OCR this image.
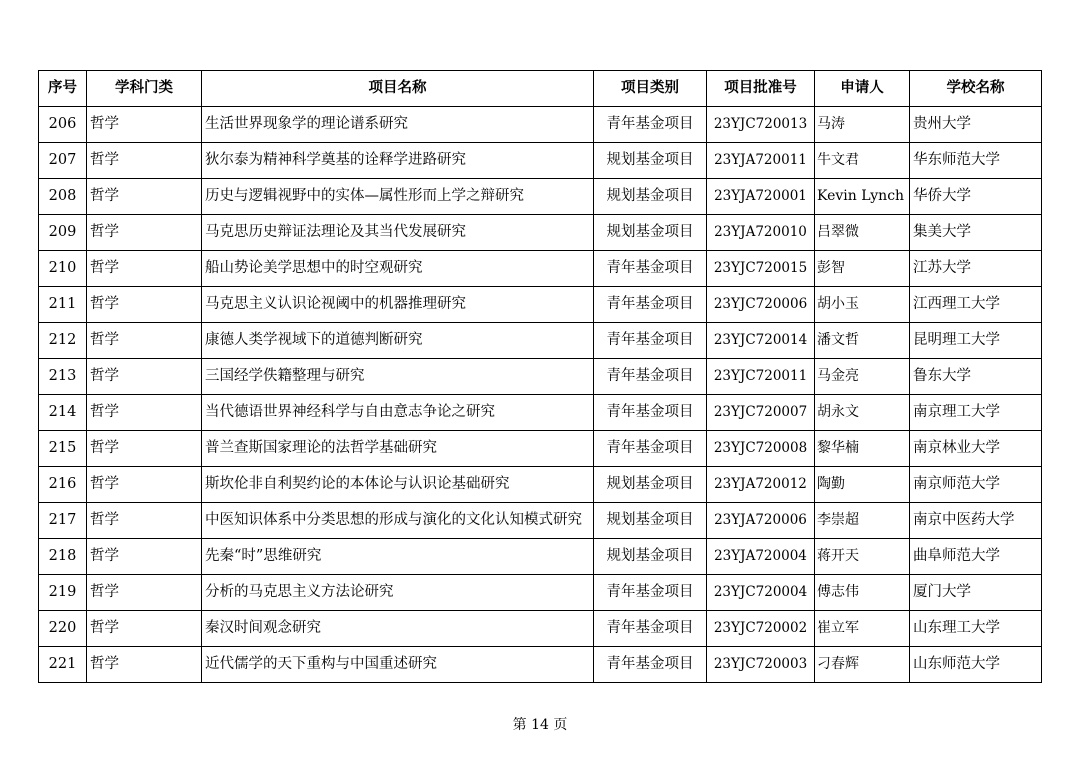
序号	学科门类	项目名称	项目类别	项目批准号	申请人	学校名称
206	哲学	生活世界现象学的理论谱系研究	青年基金项目	23YJC720013	马涛	贵州大学
207	哲学	狄尔泰为精神科学奠基的诠释学进路研究	规划基金项目	23YJA720011	牛文君	华东师范大学
208	哲学	历史与逻辑视野中的实体—属性形而上学之辩研究	规划基金项目	23YJA720001	Kevin Lynch	华侨大学
209	哲学	马克思历史辩证法理论及其当代发展研究	规划基金项目	23YJA720010	吕翠微	集美大学
210	哲学	船山势论美学思想中的时空观研究	青年基金项目	23YJC720015	彭智	江苏大学
211	哲学	马克思主义认识论视阈中的机器推理研究	青年基金项目	23YJC720006	胡小玉	江西理工大学
212	哲学	康德人类学视域下的道德判断研究	青年基金项目	23YJC720014	潘文哲	昆明理工大学
213	哲学	三国经学佚籍整理与研究	青年基金项目	23YJC720011	马金亮	鲁东大学
214	哲学	当代德语世界神经科学与自由意志争论之研究	青年基金项目	23YJC720007	胡永文	南京理工大学
215	哲学	普兰查斯国家理论的法哲学基础研究	青年基金项目	23YJC720008	黎华楠	南京林业大学
216	哲学	斯坎伦非自利契约论的本体论与认识论基础研究	规划基金项目	23YJA720012	陶勤	南京师范大学
217	哲学	中医知识体系中分类思想的形成与演化的文化认知模式研究	规划基金项目	23YJA720006	李崇超	南京中医药大学
218	哲学	先秦“时”思维研究	规划基金项目	23YJA720004	蒋开天	曲阜师范大学
219	哲学	分析的马克思主义方法论研究	青年基金项目	23YJC720004	傅志伟	厦门大学
220	哲学	秦汉时间观念研究	青年基金项目	23YJC720002	崔立军	山东理工大学
221	哲学	近代儒学的天下重构与中国重述研究	青年基金项目	23YJC720003	刁春辉	山东师范大学
第 14 页
